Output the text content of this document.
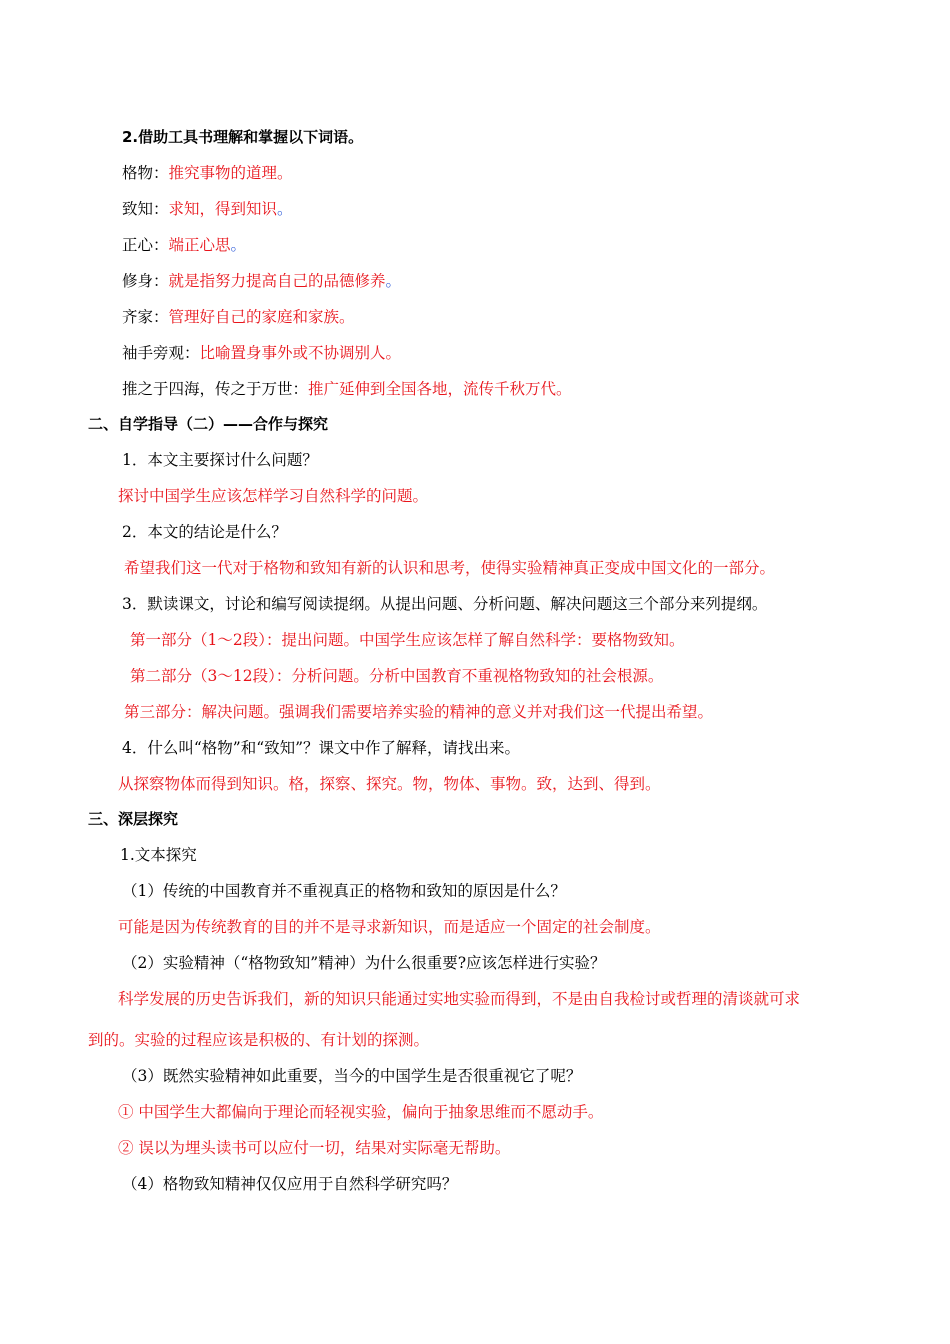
2.借助工具书理解和掌握以下词语。
格物：推究事物的道理。
致知：求知，得到知识。
正心：端正心思。
修身：就是指努力提高自己的品德修养。
齐家：管理好自己的家庭和家族。
袖手旁观：比喻置身事外或不协调别人。
推之于四海，传之于万世：推广延伸到全国各地，流传千秋万代。
二、自学指导（二）——合作与探究
1．本文主要探讨什么问题？
探讨中国学生应该怎样学习自然科学的问题。
2．本文的结论是什么？
希望我们这一代对于格物和致知有新的认识和思考，使得实验精神真正变成中国文化的一部分。
3．默读课文，讨论和编写阅读提纲。从提出问题、分析问题、解决问题这三个部分来列提纲。
第一部分（1～2段）：提出问题。中国学生应该怎样了解自然科学：要格物致知。
第二部分（3～12段）：分析问题。分析中国教育不重视格物致知的社会根源。
第三部分：解决问题。强调我们需要培养实验的精神的意义并对我们这一代提出希望。
4．什么叫“格物”和“致知”？课文中作了解释，请找出来。
从探察物体而得到知识。格，探察、探究。物，物体、事物。致，达到、得到。
三、深层探究
1.文本探究
（1）传统的中国教育并不重视真正的格物和致知的原因是什么？
可能是因为传统教育的目的并不是寻求新知识，而是适应一个固定的社会制度。
（2）实验精神（“格物致知”精神）为什么很重要?应该怎样进行实验？
科学发展的历史告诉我们，新的知识只能通过实地实验而得到，不是由自我检讨或哲理的清谈就可求
到的。实验的过程应该是积极的、有计划的探测。
（3）既然实验精神如此重要，当今的中国学生是否很重视它了呢？
① 中国学生大都偏向于理论而轻视实验，偏向于抽象思维而不愿动手。
② 误以为埋头读书可以应付一切，结果对实际毫无帮助。
（4）格物致知精神仅仅应用于自然科学研究吗？
